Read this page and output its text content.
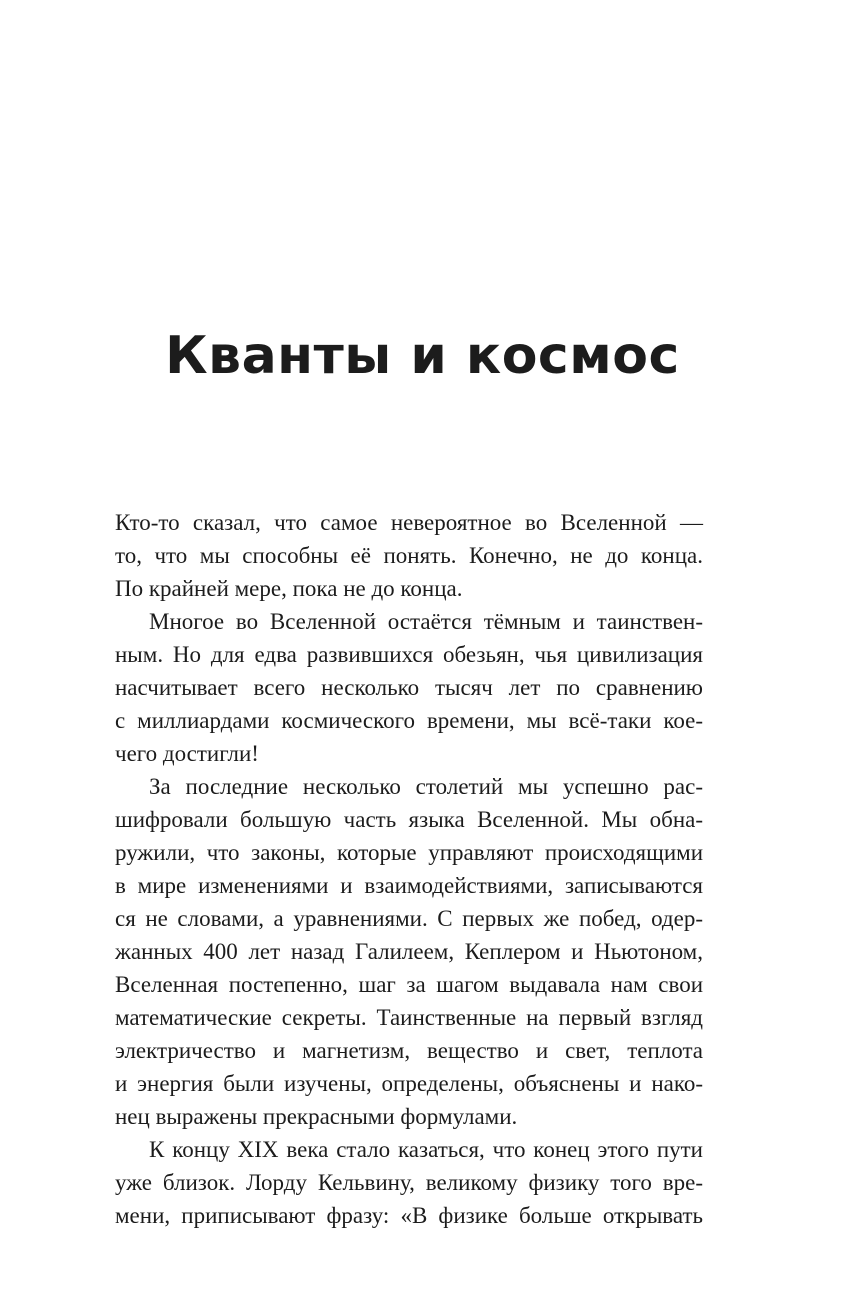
Кванты и космос

Кто-то сказал, что самое невероятное во Вселенной —
то, что мы способны её понять. Конечно, не до конца.
По крайней мере, пока не до конца.

Многое во Вселенной остаётся тёмным и таинствен-
ным. Но для едва развившихся обезьян, чья цивилизация
насчитывает всего несколько тысяч лет по сравнению
с миллиардами космического времени, мы всё-таки кое-
чего достигли!

За последние несколько столетий мы успешно рас-
шифровали большую часть языка Вселенной. Мы обна-
ружили, что законы, которые управляют происходящими
в мире изменениями и взаимодействиями, записываются
ся не словами, а уравнениями. С первых же побед, одер-
жанных 400 лет назад Галилеем, Кеплером и Ньютоном,
Вселенная постепенно, шаг за шагом выдавала нам свои
математические секреты. Таинственные на первый взгляд
электричество и магнетизм, вещество и свет, теплота
и энергия были изучены, определены, объяснены и нако-
нец выражены прекрасными формулами.

К концу XIX века стало казаться, что конец этого пути
уже близок. Лорду Кельвину, великому физику того вре-
мени, приписывают фразу: «В физике больше открывать
